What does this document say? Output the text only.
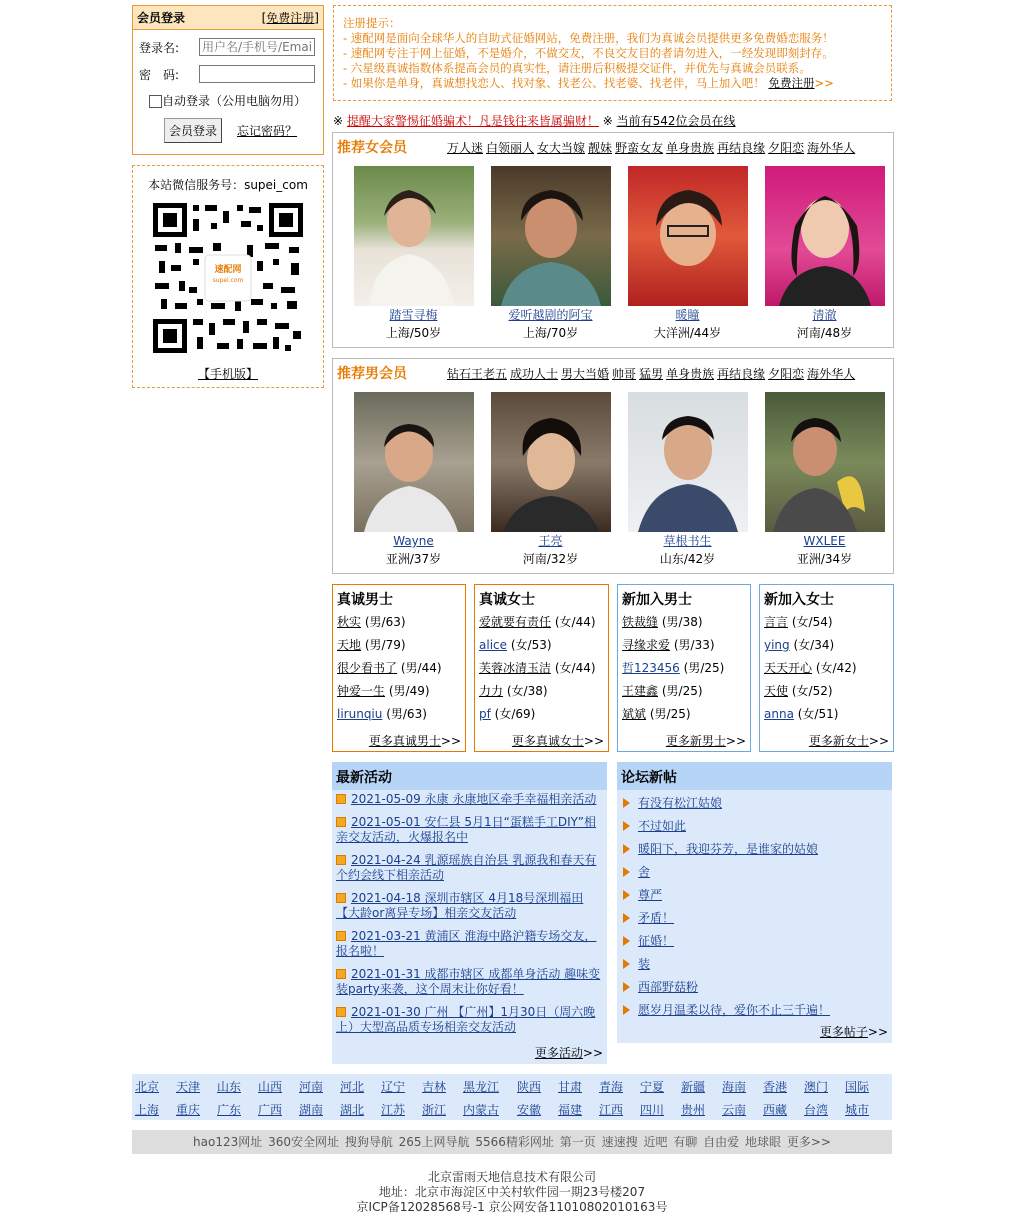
会员登录	[免费注册]
登录名:
用户名/手机号/Email
密　码:
自动登录（公用电脑勿用）
会员登录	忘记密码？
本站微信服务号：supei_com
速配网
supei.com
【手机版】
注册提示：
- 速配网是面向全球华人的自助式征婚网站，免费注册，我们为真诚会员提供更多免费婚恋服务！
- 速配网专注于网上征婚，不是婚介，不做交友，不良交友目的者请勿进入，一经发现即刻封存。
- 六星级真诚指数体系提高会员的真实性，请注册后积极提交证件，并优先与真诚会员联系。
- 如果你是单身，真诚想找恋人、找对象、找老公、找老婆、找老伴，马上加入吧！ 免费注册>>
※ 提醒大家警惕征婚骗术！凡是钱往来皆属骗财！ ※ 当前有542位会员在线
推荐女会员	万人迷 白领丽人 女大当嫁 靓妹 野蛮女友 单身贵族 再结良缘 夕阳恋 海外华人
踏雪寻梅
上海/50岁
爱听越剧的阿宝
上海/70岁
暖瞳
大洋洲/44岁
清澈
河南/48岁
推荐男会员	钻石王老五 成功人士 男大当婚 帅哥 猛男 单身贵族 再结良缘 夕阳恋 海外华人
Wayne
亚洲/37岁
王亮
河南/32岁
草根书生
山东/42岁
WXLEE
亚洲/34岁
真诚男士
秋实 (男/63)
天地 (男/79)
很少看书了 (男/44)
钟爱一生 (男/49)
lirunqiu (男/63)
更多真诚男士>>
真诚女士
爱就要有责任 (女/44)
alice (女/53)
芙蓉冰清玉洁 (女/44)
力力 (女/38)
pf (女/69)
更多真诚女士>>
新加入男士
铁裁缝 (男/38)
寻缘求爱 (男/33)
哲123456 (男/25)
王建鑫 (男/25)
斌斌 (男/25)
更多新男士>>
新加入女士
言言 (女/54)
ying (女/34)
天天开心 (女/42)
天使 (女/52)
anna (女/51)
更多新女士>>
最新活动
2021-05-09 永康 永康地区牵手幸福相亲活动
2021-05-01 安仁县 5月1日“蛋糕手工DIY”相亲交友活动，火爆报名中
2021-04-24 乳源瑶族自治县 乳源我和春天有个约会线下相亲活动
2021-04-18 深圳市辖区 4月18号深圳福田【大龄or离异专场】相亲交友活动
2021-03-21 黄浦区 淮海中路沪籍专场交友，报名啦！
2021-01-31 成都市辖区 成都单身活动 趣味变装party来袭，这个周末让你好看！
2021-01-30 广州 【广州】1月30日（周六晚上）大型高品质专场相亲交友活动
更多活动>>
论坛新帖
有没有松江姑娘
不过如此
暖阳下，我迎芬芳，是谁家的姑娘
舍
尊严
矛盾！
征婚！
装
西部野菇粉
愿岁月温柔以待，爱你不止三千遍！
更多帖子>>
北京	天津	山东	山西	河南	河北	辽宁	吉林	黑龙江	陕西	甘肃	青海	宁夏	新疆	海南	香港	澳门	国际
上海	重庆	广东	广西	湖南	湖北	江苏	浙江	内蒙古	安徽	福建	江西	四川	贵州	云南	西藏	台湾	城市
hao123网址 360安全网址 搜狗导航 265上网导航 5566精彩网址 第一页 速速搜 近吧 有聊 自由爱 地球眼 更多>>
北京雷雨天地信息技术有限公司
地址：北京市海淀区中关村软件园一期23号楼207
京ICP备12028568号-1 京公网安备11010802010163号
